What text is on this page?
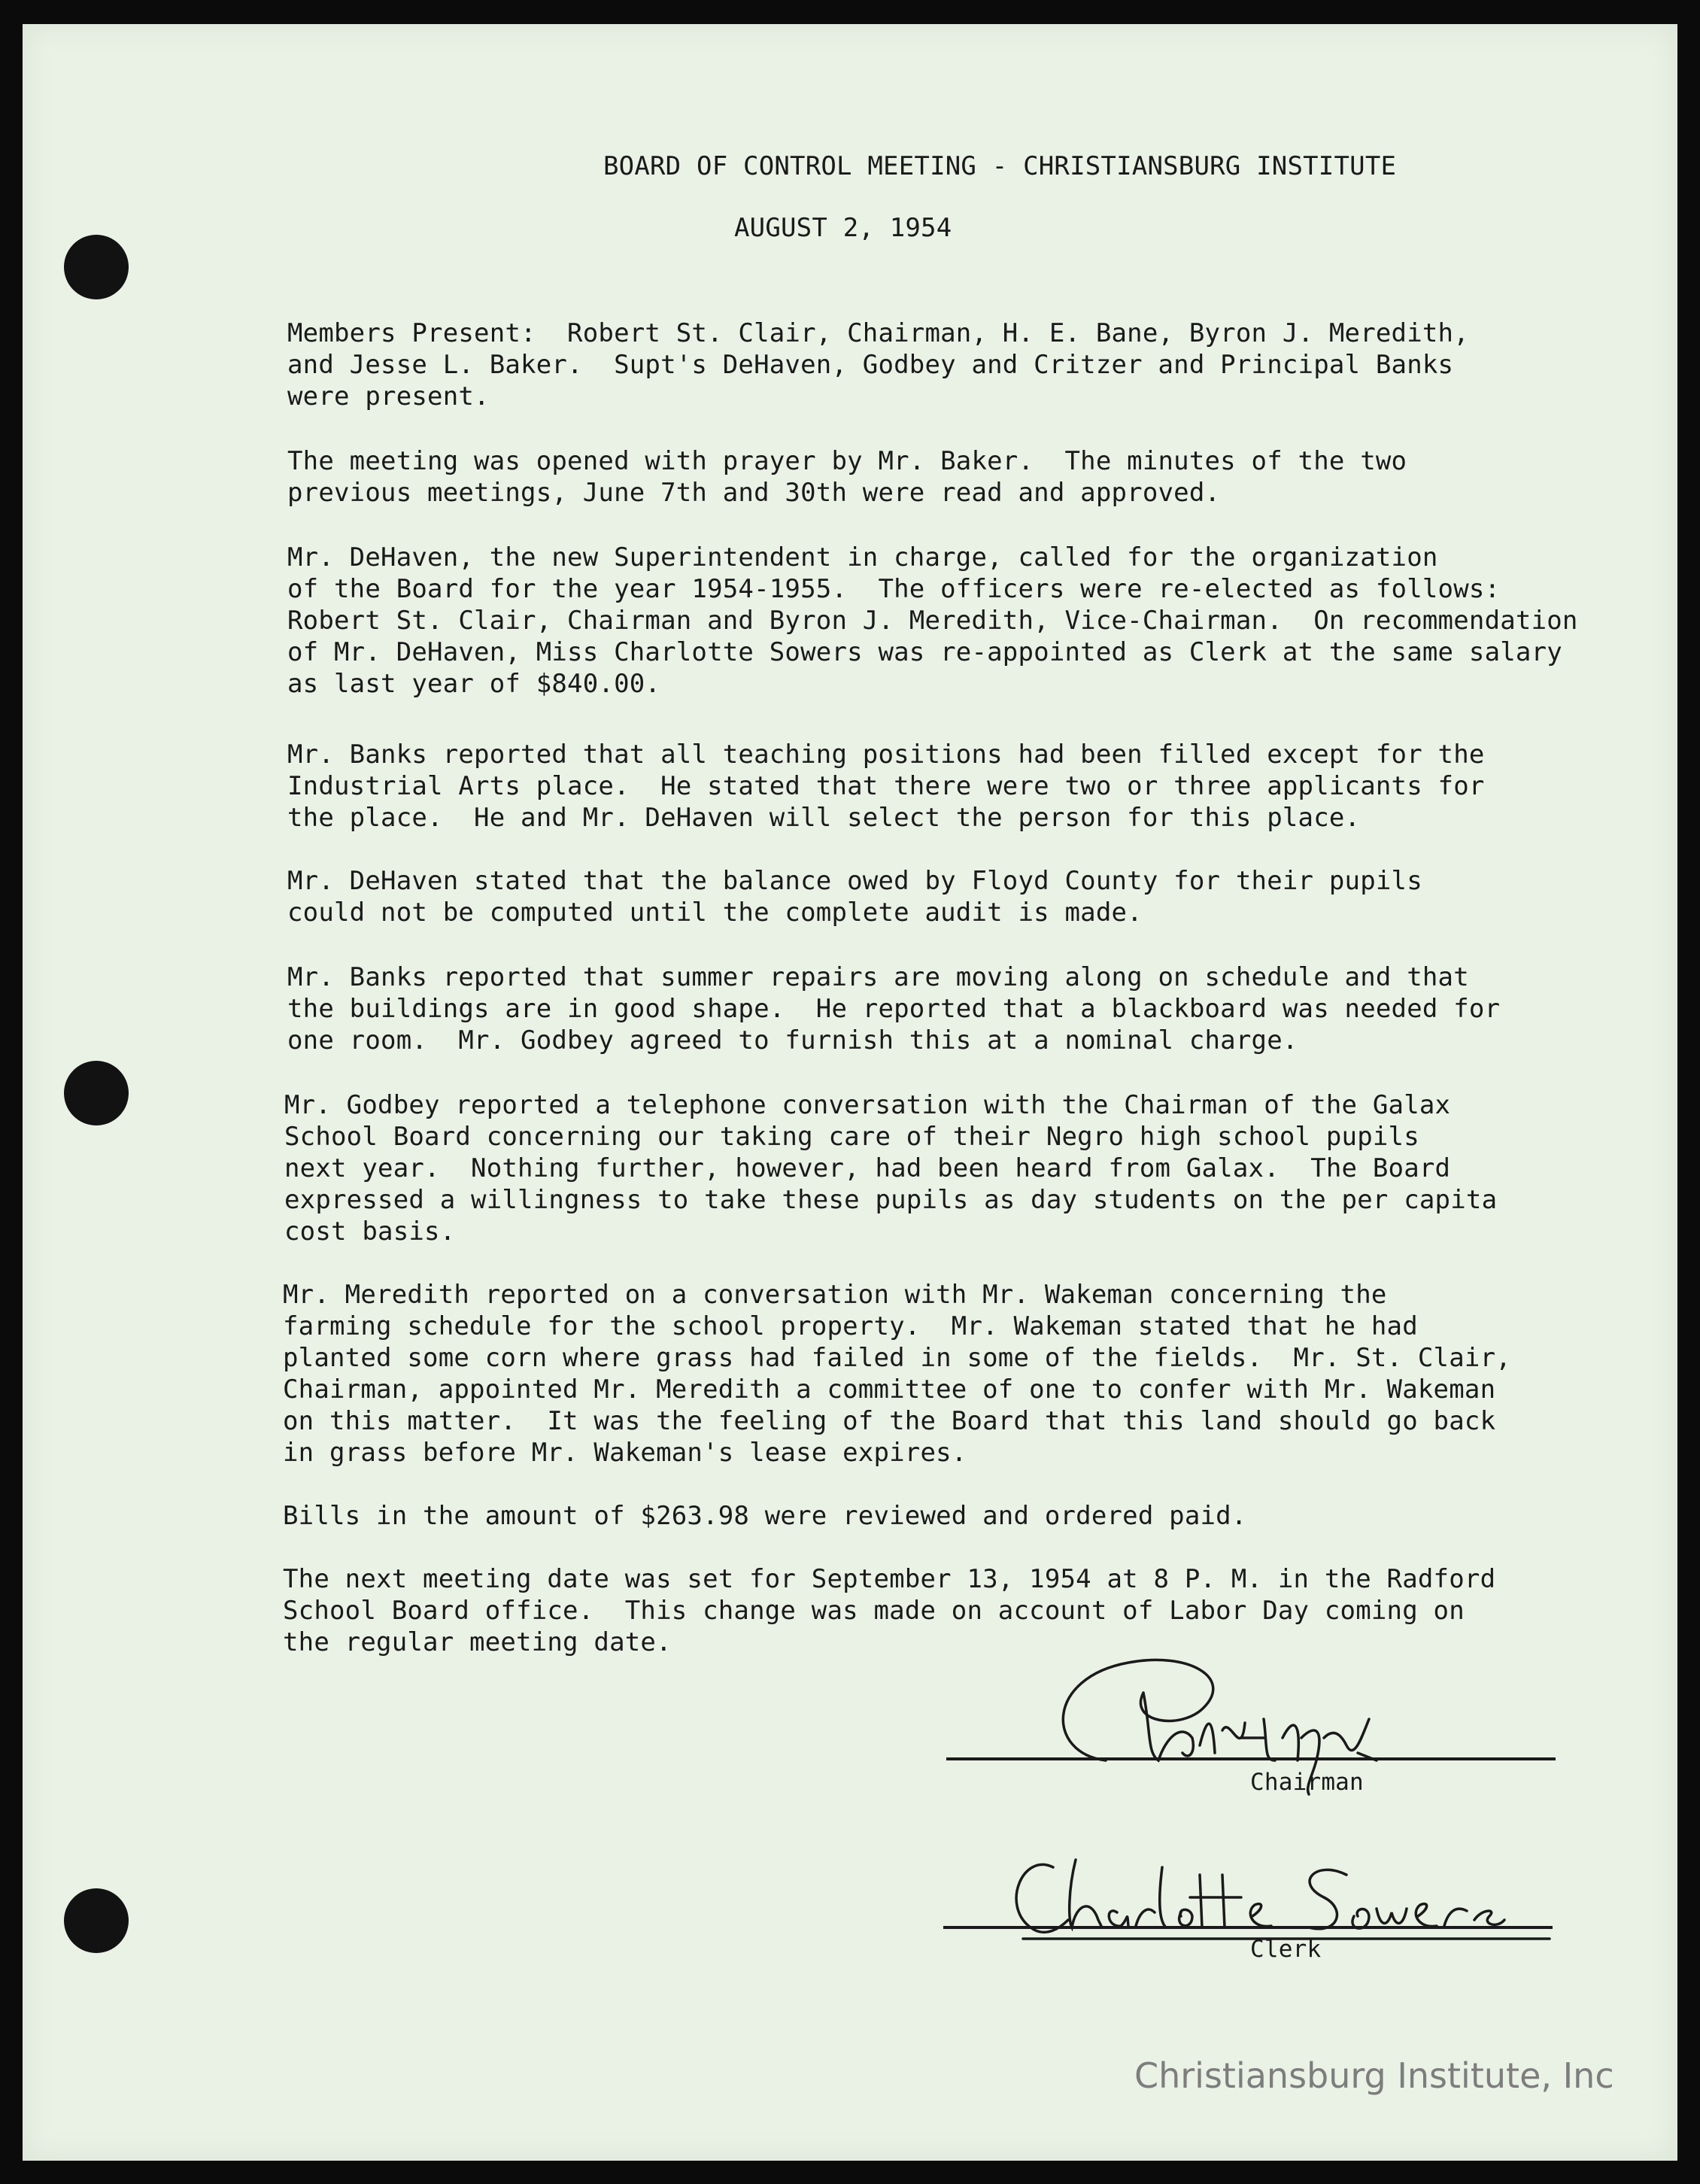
BOARD OF CONTROL MEETING - CHRISTIANSBURG INSTITUTE
AUGUST 2, 1954

Members Present:  Robert St. Clair, Chairman, H. E. Bane, Byron J. Meredith,
and Jesse L. Baker.  Supt's DeHaven, Godbey and Critzer and Principal Banks
were present.

The meeting was opened with prayer by Mr. Baker.  The minutes of the two
previous meetings, June 7th and 30th were read and approved.

Mr. DeHaven, the new Superintendent in charge, called for the organization
of the Board for the year 1954-1955.  The officers were re-elected as follows:
Robert St. Clair, Chairman and Byron J. Meredith, Vice-Chairman.  On recommendation
of Mr. DeHaven, Miss Charlotte Sowers was re-appointed as Clerk at the same salary
as last year of $840.00.

Mr. Banks reported that all teaching positions had been filled except for the
Industrial Arts place.  He stated that there were two or three applicants for
the place.  He and Mr. DeHaven will select the person for this place.

Mr. DeHaven stated that the balance owed by Floyd County for their pupils
could not be computed until the complete audit is made.

Mr. Banks reported that summer repairs are moving along on schedule and that
the buildings are in good shape.  He reported that a blackboard was needed for
one room.  Mr. Godbey agreed to furnish this at a nominal charge.

Mr. Godbey reported a telephone conversation with the Chairman of the Galax
School Board concerning our taking care of their Negro high school pupils
next year.  Nothing further, however, had been heard from Galax.  The Board
expressed a willingness to take these pupils as day students on the per capita
cost basis.

Mr. Meredith reported on a conversation with Mr. Wakeman concerning the
farming schedule for the school property.  Mr. Wakeman stated that he had
planted some corn where grass had failed in some of the fields.  Mr. St. Clair,
Chairman, appointed Mr. Meredith a committee of one to confer with Mr. Wakeman
on this matter.  It was the feeling of the Board that this land should go back
in grass before Mr. Wakeman's lease expires.

Bills in the amount of $263.98 were reviewed and ordered paid.

The next meeting date was set for September 13, 1954 at 8 P. M. in the Radford
School Board office.  This change was made on account of Labor Day coming on
the regular meeting date.

Chairman
Clerk
Christiansburg Institute, Inc
